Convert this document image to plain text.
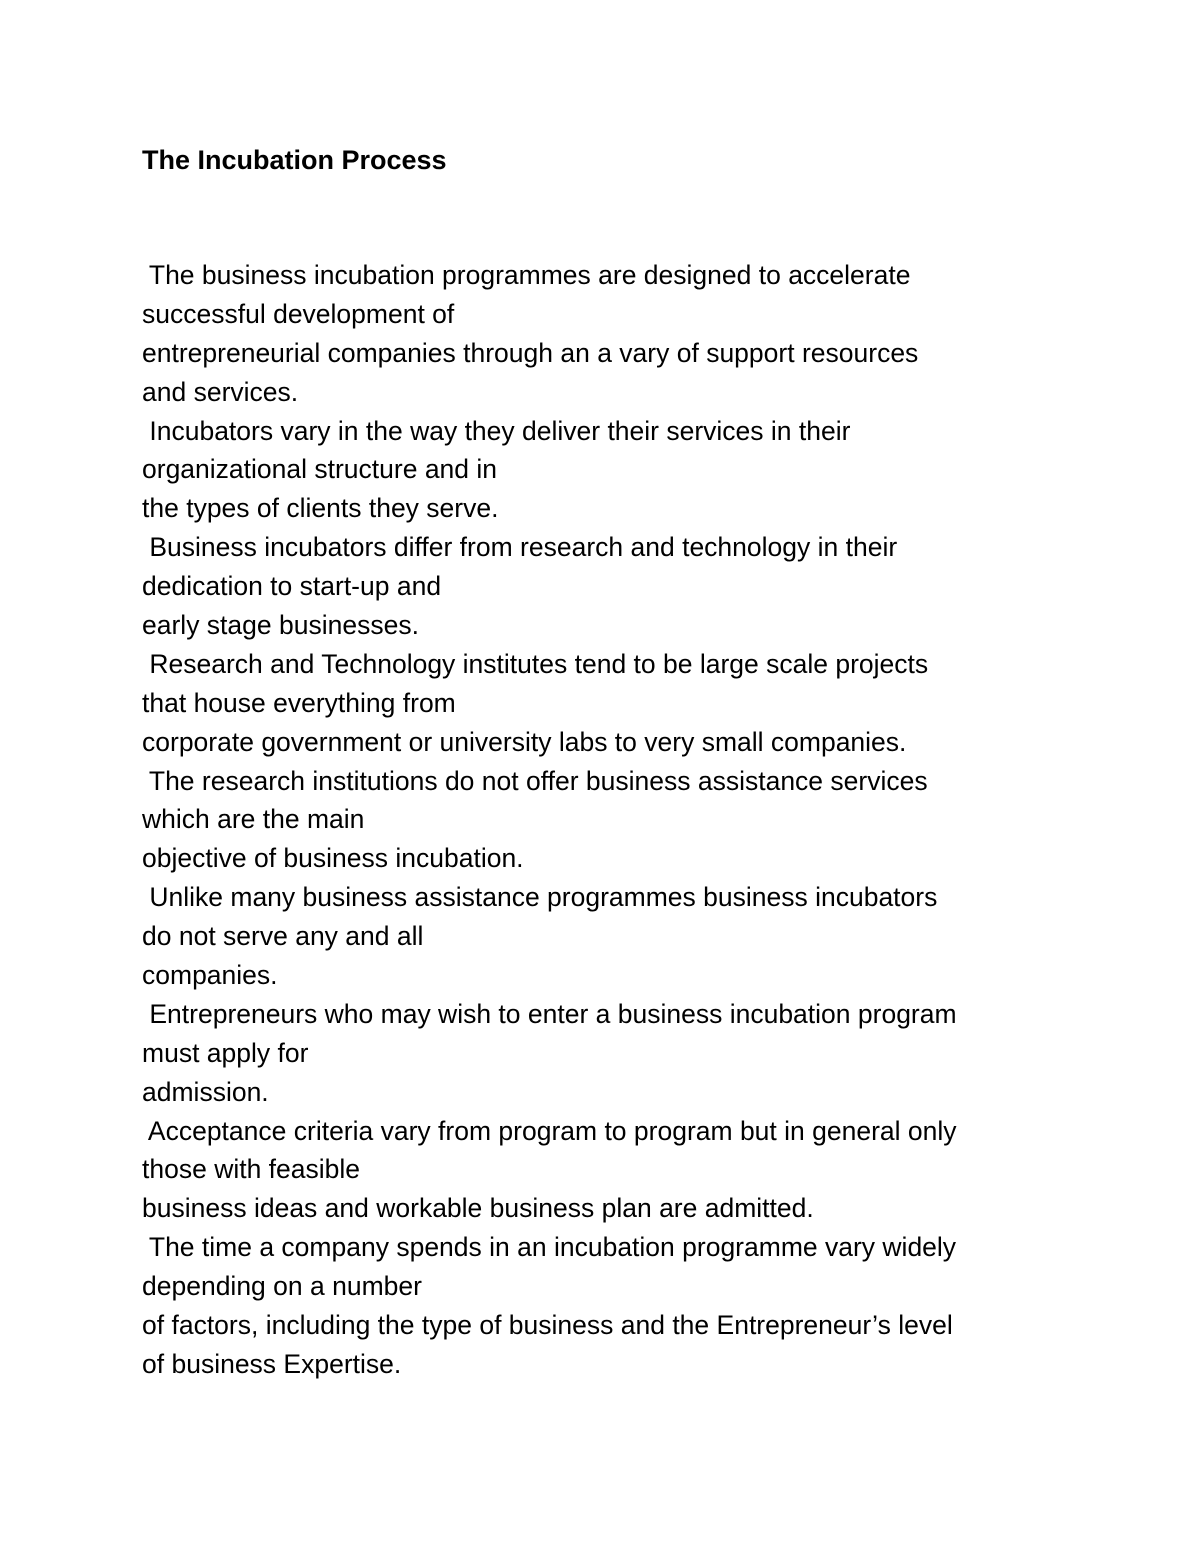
The Incubation Process
The business incubation programmes are designed to accelerate
successful development of
entrepreneurial companies through an a vary of support resources
and services.
Incubators vary in the way they deliver their services in their
organizational structure and in
the types of clients they serve.
Business incubators differ from research and technology in their
dedication to start-up and
early stage businesses.
Research and Technology institutes tend to be large scale projects
that house everything from
corporate government or university labs to very small companies.
The research institutions do not offer business assistance services
which are the main
objective of business incubation.
Unlike many business assistance programmes business incubators
do not serve any and all
companies.
Entrepreneurs who may wish to enter a business incubation program
must apply for
admission.
Acceptance criteria vary from program to program but in general only
those with feasible
business ideas and workable business plan are admitted.
The time a company spends in an incubation programme vary widely
depending on a number
of factors, including the type of business and the Entrepreneur’s level
of business Expertise.
